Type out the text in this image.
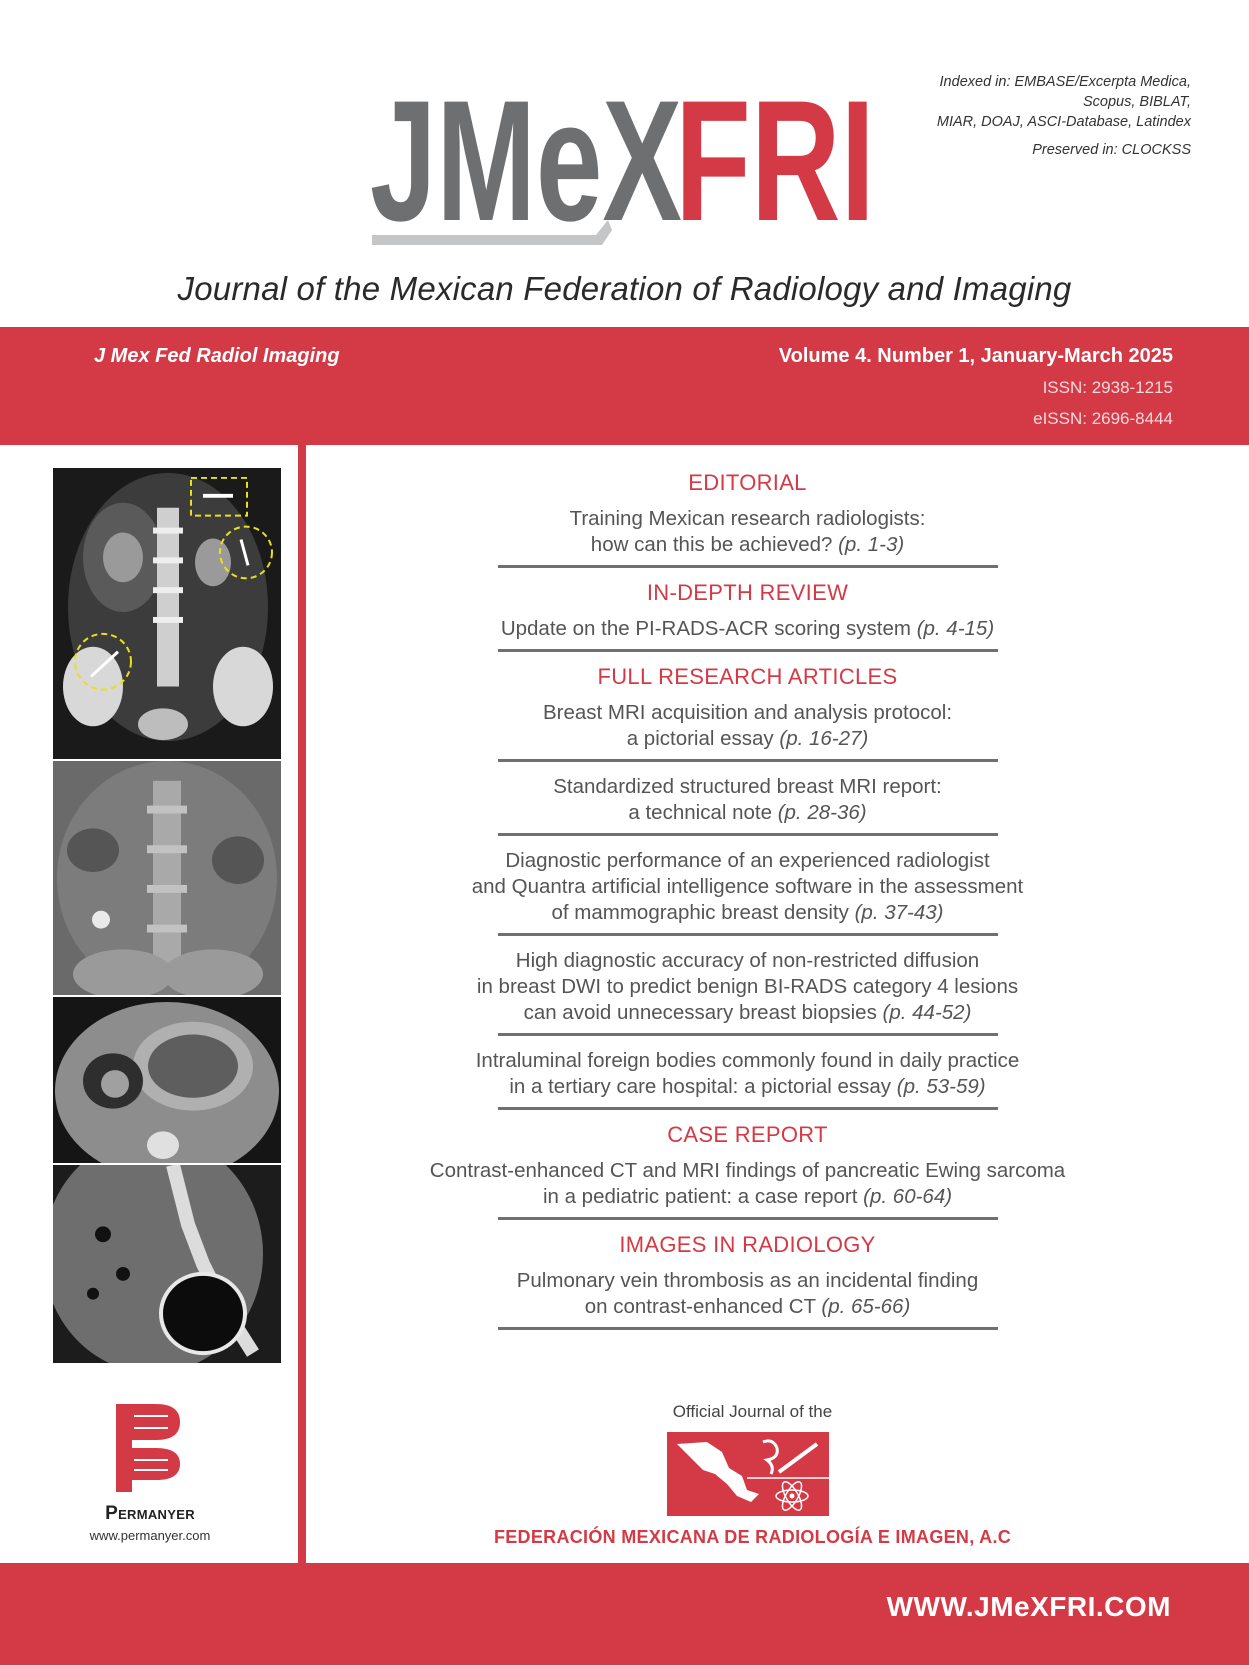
JMeX
FRI	Indexed in: EMBASE/Excerpta Medica,
Scopus, BIBLAT,
MIAR, DOAJ, ASCI-Database, Latindex
Preserved in: CLOCKSS
Journal of the Mexican Federation of Radiology and Imaging
J Mex Fed Radiol Imaging	Volume 4. Number 1, January-March 2025
ISSN: 2938-1215
eISSN: 2696-8444
Permanyer
www.permanyer.com
EDITORIAL
Training Mexican research radiologists:
how can this be achieved? (p. 1-3)
IN-DEPTH REVIEW
Update on the PI-RADS-ACR scoring system (p. 4-15)
FULL RESEARCH ARTICLES
Breast MRI acquisition and analysis protocol:
a pictorial essay (p. 16-27)
Standardized structured breast MRI report:
a technical note (p. 28-36)
Diagnostic performance of an experienced radiologist
and Quantra artificial intelligence software in the assessment
of mammographic breast density (p. 37-43)
High diagnostic accuracy of non-restricted diffusion
in breast DWI to predict benign BI-RADS category 4 lesions
can avoid unnecessary breast biopsies (p. 44-52)
Intraluminal foreign bodies commonly found in daily practice
in a tertiary care hospital: a pictorial essay (p. 53-59)
CASE REPORT
Contrast-enhanced CT and MRI findings of pancreatic Ewing sarcoma
in a pediatric patient: a case report (p. 60-64)
IMAGES IN RADIOLOGY
Pulmonary vein thrombosis as an incidental finding
on contrast-enhanced CT (p. 65-66)
Official Journal of the
FEDERACIÓN MEXICANA DE RADIOLOGÍA E IMAGEN, A.C
WWW.JMeXFRI.COM
